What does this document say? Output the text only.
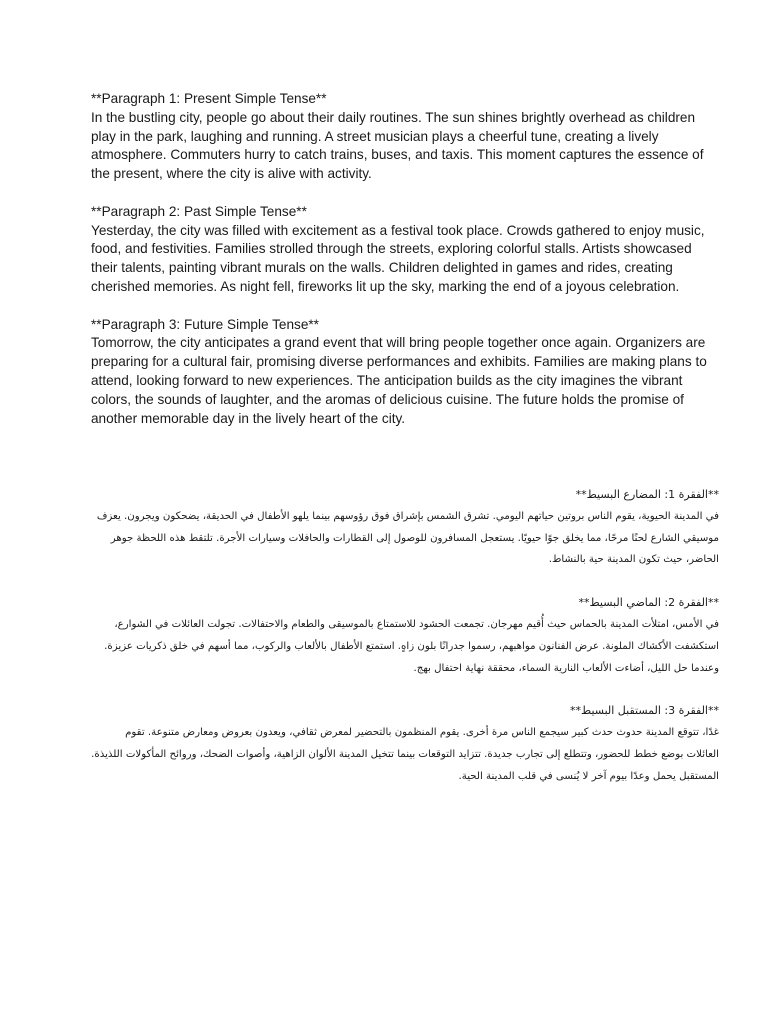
**Paragraph 1: Present Simple Tense**

In the bustling city, people go about their daily routines. The sun shines brightly overhead as children play in the park, laughing and running. A street musician plays a cheerful tune, creating a lively atmosphere. Commuters hurry to catch trains, buses, and taxis. This moment captures the essence of the present, where the city is alive with activity.

**Paragraph 2: Past Simple Tense**

Yesterday, the city was filled with excitement as a festival took place. Crowds gathered to enjoy music, food, and festivities. Families strolled through the streets, exploring colorful stalls. Artists showcased their talents, painting vibrant murals on the walls. Children delighted in games and rides, creating cherished memories. As night fell, fireworks lit up the sky, marking the end of a joyous celebration.

**Paragraph 3: Future Simple Tense**

Tomorrow, the city anticipates a grand event that will bring people together once again. Organizers are preparing for a cultural fair, promising diverse performances and exhibits. Families are making plans to attend, looking forward to new experiences. The anticipation builds as the city imagines the vibrant colors, the sounds of laughter, and the aromas of delicious cuisine. The future holds the promise of another memorable day in the lively heart of the city.

**الفقرة 1: المضارع البسيط**

في المدينة الحيوية، يقوم الناس بروتين حياتهم اليومي. تشرق الشمس بإشراق فوق رؤوسهم بينما يلهو الأطفال في الحديقة، يضحكون ويجرون. يعزف موسيقي الشارع لحنًا مرحًا، مما يخلق جوًا حيويًا. يستعجل المسافرون للوصول إلى القطارات والحافلات وسيارات الأجرة. تلتقط هذه اللحظة جوهر الحاضر، حيث تكون المدينة حية بالنشاط.

**الفقرة 2: الماضي البسيط**

في الأمس، امتلأت المدينة بالحماس حيث أُقيم مهرجان. تجمعت الحشود للاستمتاع بالموسيقى والطعام والاحتفالات. تجولت العائلات في الشوارع، استكشفت الأكشاك الملونة. عرض الفنانون مواهبهم، رسموا جدرانًا بلون زاهٍ. استمتع الأطفال بالألعاب والركوب، مما أسهم في خلق ذكريات عزيزة. وعندما حل الليل، أضاءت الألعاب النارية السماء، محققة نهاية احتفال بهج.

**الفقرة 3: المستقبل البسيط**

غدًا، تتوقع المدينة حدوث حدث كبير سيجمع الناس مرة أخرى. يقوم المنظمون بالتحضير لمعرض ثقافي، ويعدون بعروض ومعارض متنوعة. تقوم العائلات بوضع خطط للحضور، وتتطلع إلى تجارب جديدة. تتزايد التوقعات بينما تتخيل المدينة الألوان الزاهية، وأصوات الضحك، وروائح المأكولات اللذيذة. المستقبل يحمل وعدًا بيوم آخر لا يُنسى في قلب المدينة الحية.
